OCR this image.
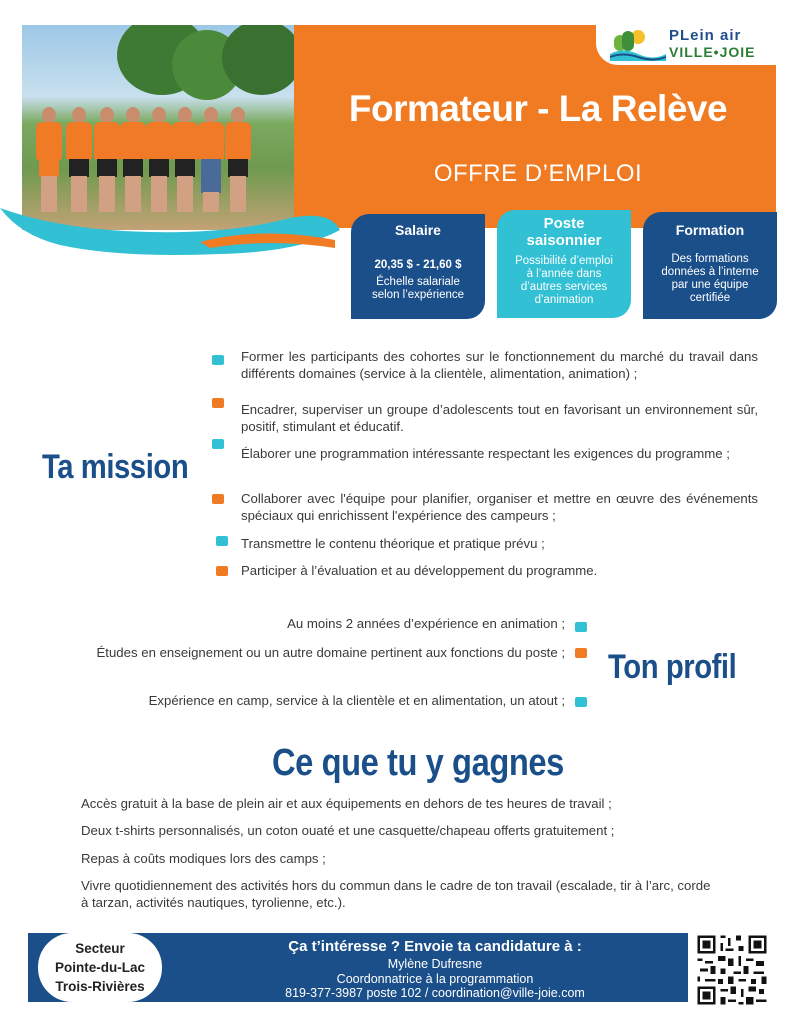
PLein air
VILLE•JOIE
Formateur - La Relève
OFFRE D’EMPLOI
Salaire
20,35 $ - 21,60 $
Échelle salariale
selon l’expérience
Poste saisonnier
Possibilité d’emploi
à l’année dans
d’autres services
d’animation
Formation
Des formations
données à l’interne
par une équipe
certifiée
Ta mission
Former les participants des cohortes sur le fonctionnement du marché du travail dans différents domaines (service à la clientèle, alimentation, animation) ;
Encadrer, superviser un groupe d’adolescents tout en favorisant un environnement sûr, positif, stimulant et éducatif.
Élaborer une programmation intéressante respectant les exigences du programme ;
Collaborer avec l'équipe pour planifier, organiser et mettre en œuvre des événements spéciaux qui enrichissent l'expérience des campeurs ;
Transmettre le contenu théorique et pratique prévu ;
Participer à l’évaluation et au développement du programme.
Ton profil
Au moins 2 années d’expérience en animation ;
Études en enseignement ou un autre domaine pertinent aux fonctions du poste ;
Expérience en camp, service à la clientèle et en alimentation, un atout ;
Ce que tu y gagnes
Accès gratuit à la base de plein air et aux équipements en dehors de tes heures de travail ;
Deux t-shirts personnalisés, un coton ouaté et une casquette/chapeau offerts gratuitement ;
Repas à coûts modiques lors des camps ;
Vivre quotidiennement des activités hors du commun dans le cadre de ton travail (escalade, tir à l’arc, corde à tarzan, activités nautiques, tyrolienne, etc.).
Secteur
Pointe-du-Lac
Trois-Rivières
Ça t’intéresse ? Envoie ta candidature à :
Mylène Dufresne
Coordonnatrice à la programmation
819-377-3987 poste 102 / coordination@ville-joie.com
